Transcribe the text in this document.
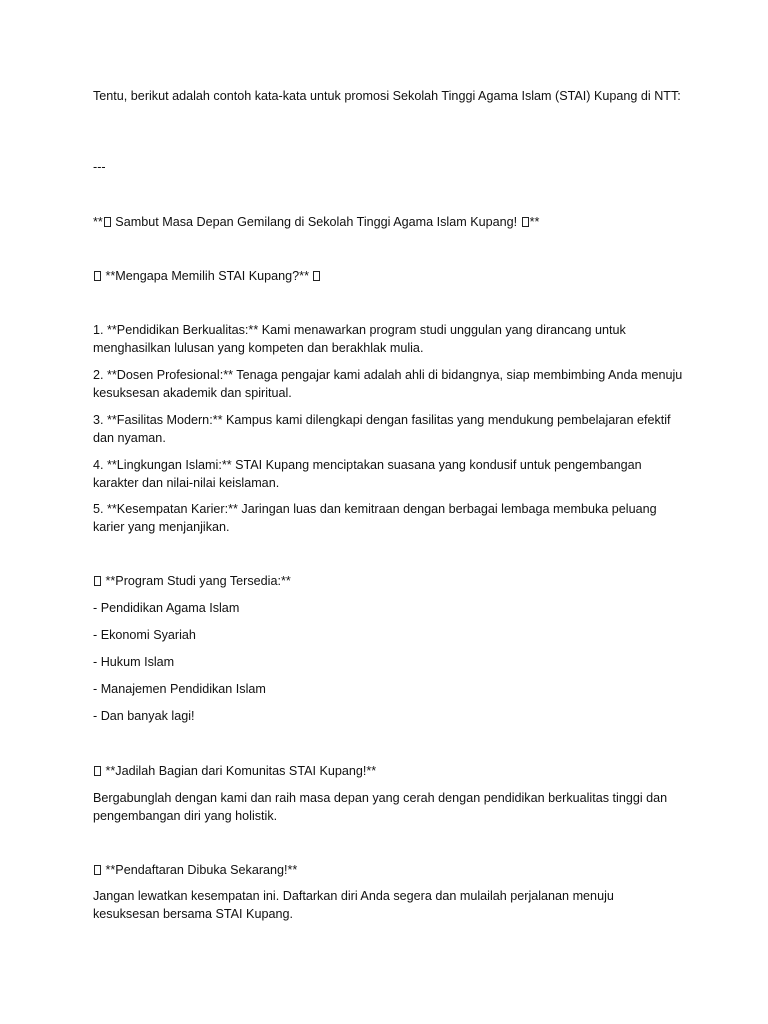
Tentu, berikut adalah contoh kata-kata untuk promosi Sekolah Tinggi Agama Islam (STAI) Kupang di NTT:

---

** Sambut Masa Depan Gemilang di Sekolah Tinggi Agama Islam Kupang! **

**Mengapa Memilih STAI Kupang?**

1. **Pendidikan Berkualitas:** Kami menawarkan program studi unggulan yang dirancang untuk menghasilkan lulusan yang kompeten dan berakhlak mulia.

2. **Dosen Profesional:** Tenaga pengajar kami adalah ahli di bidangnya, siap membimbing Anda menuju kesuksesan akademik dan spiritual.

3. **Fasilitas Modern:** Kampus kami dilengkapi dengan fasilitas yang mendukung pembelajaran efektif dan nyaman.

4. **Lingkungan Islami:** STAI Kupang menciptakan suasana yang kondusif untuk pengembangan karakter dan nilai-nilai keislaman.

5. **Kesempatan Karier:** Jaringan luas dan kemitraan dengan berbagai lembaga membuka peluang karier yang menjanjikan.

**Program Studi yang Tersedia:**

- Pendidikan Agama Islam

- Ekonomi Syariah

- Hukum Islam

- Manajemen Pendidikan Islam

- Dan banyak lagi!

**Jadilah Bagian dari Komunitas STAI Kupang!**

Bergabunglah dengan kami dan raih masa depan yang cerah dengan pendidikan berkualitas tinggi dan pengembangan diri yang holistik.

**Pendaftaran Dibuka Sekarang!**

Jangan lewatkan kesempatan ini. Daftarkan diri Anda segera dan mulailah perjalanan menuju kesuksesan bersama STAI Kupang.
